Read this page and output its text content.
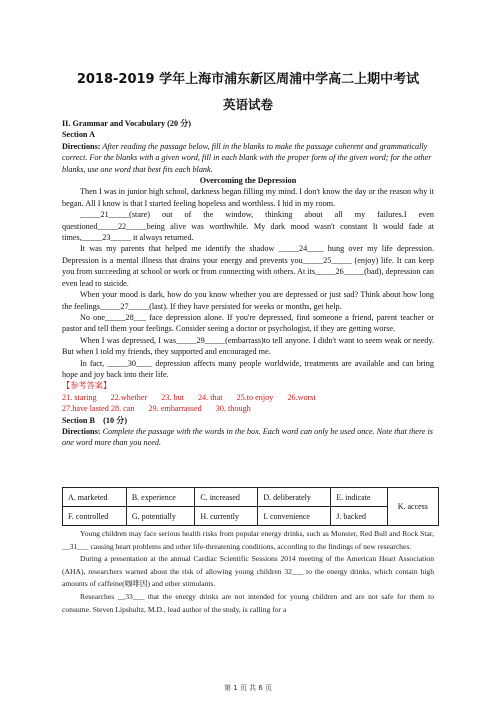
2018-2019 学年上海市浦东新区周浦中学高二上期中考试
英语试卷
II. Grammar and Vocabulary (20 分)
Section A
Directions: After reading the passage below, fill in the blanks to make the passage coherent and grammatically correct. For the blanks with a given word, fill in each blank with the proper form of the given word; for the other blanks, use one word that best fits each blank.
Overcoming the Depression
Then I was in junior high school, darkness began filling my mind. I don't know the day or the reason why it began. All I know is that I started feeling hopeless and worthless. I hid in my room.
_____21_____(stare) out of the window, thinking about all my failures.I even questioned_____22_____being alive was worthwhile. My dark mood wasn't constant It would fade at times,_____23_____ it always returned.
It was my parents that helped me identify the shadow _____24____ hung over my life depression. Depression is a mental illness that drains your energy and prevents you_____25_____ (enjoy) life. It can keep you from succeeding at school or work or from connecting with others. At its_____26_____(bad), depression can even lead to suicide.
When your mood is dark, how do you know whether you are depressed or just sad? Think about how long the feelings_____27_____(last). If they have persisted for weeks or months, get help.
No one_____28___ face depression alone. If you're depressed, find someone a friend, parent teacher or pastor and tell them your feelings. Consider seeing a doctor or psychologist, if they are getting worse.
When I was depressed, I was_____29_____(embarrass)to tell anyone. I didn't want to seem weak or needy. But when I told my friends, they supported and encouraged me.
In fact, _____30____ depression affects many people worldwide, treatments are available and can bring hope and joy back into their life.
【参考答案】
21. staring 22.whether 23. but 24. that 25.to enjoy 26.worst
27.have lasted 28. can 29. embarrassed 30. though
Section B　(10 分)
Directions: Complete the passage with the words in the box. Each word can only be used once. Note that there is one word more than you need.
A. marketed	B. experience	C. increased	D. deliberately	E. indicate	K. access
F. controlled	G. potentially	H. currently	I. convenience	J. backed	
Young children may face serious health risks from popular energy drinks, such as Monster, Red Bull and Rock Star, __31___ causing heart problems and other life-threatening conditions, according to the findings of new researches.
During a presentation at the annual Cardiac Scientific Sessions 2014 meeting of the American Heart Association (AHA), researchers warned about the risk of allowing young children 32___ to the energy drinks, which contain high amounts of caffeine(咖啡因) and other stimulants.
Researches __33___ that the energy drinks are not intended for young children and are not safe for them to consume. Steven Lipshultz, M.D., lead author of the study, is calling for a
第 1 页 共 6 页
